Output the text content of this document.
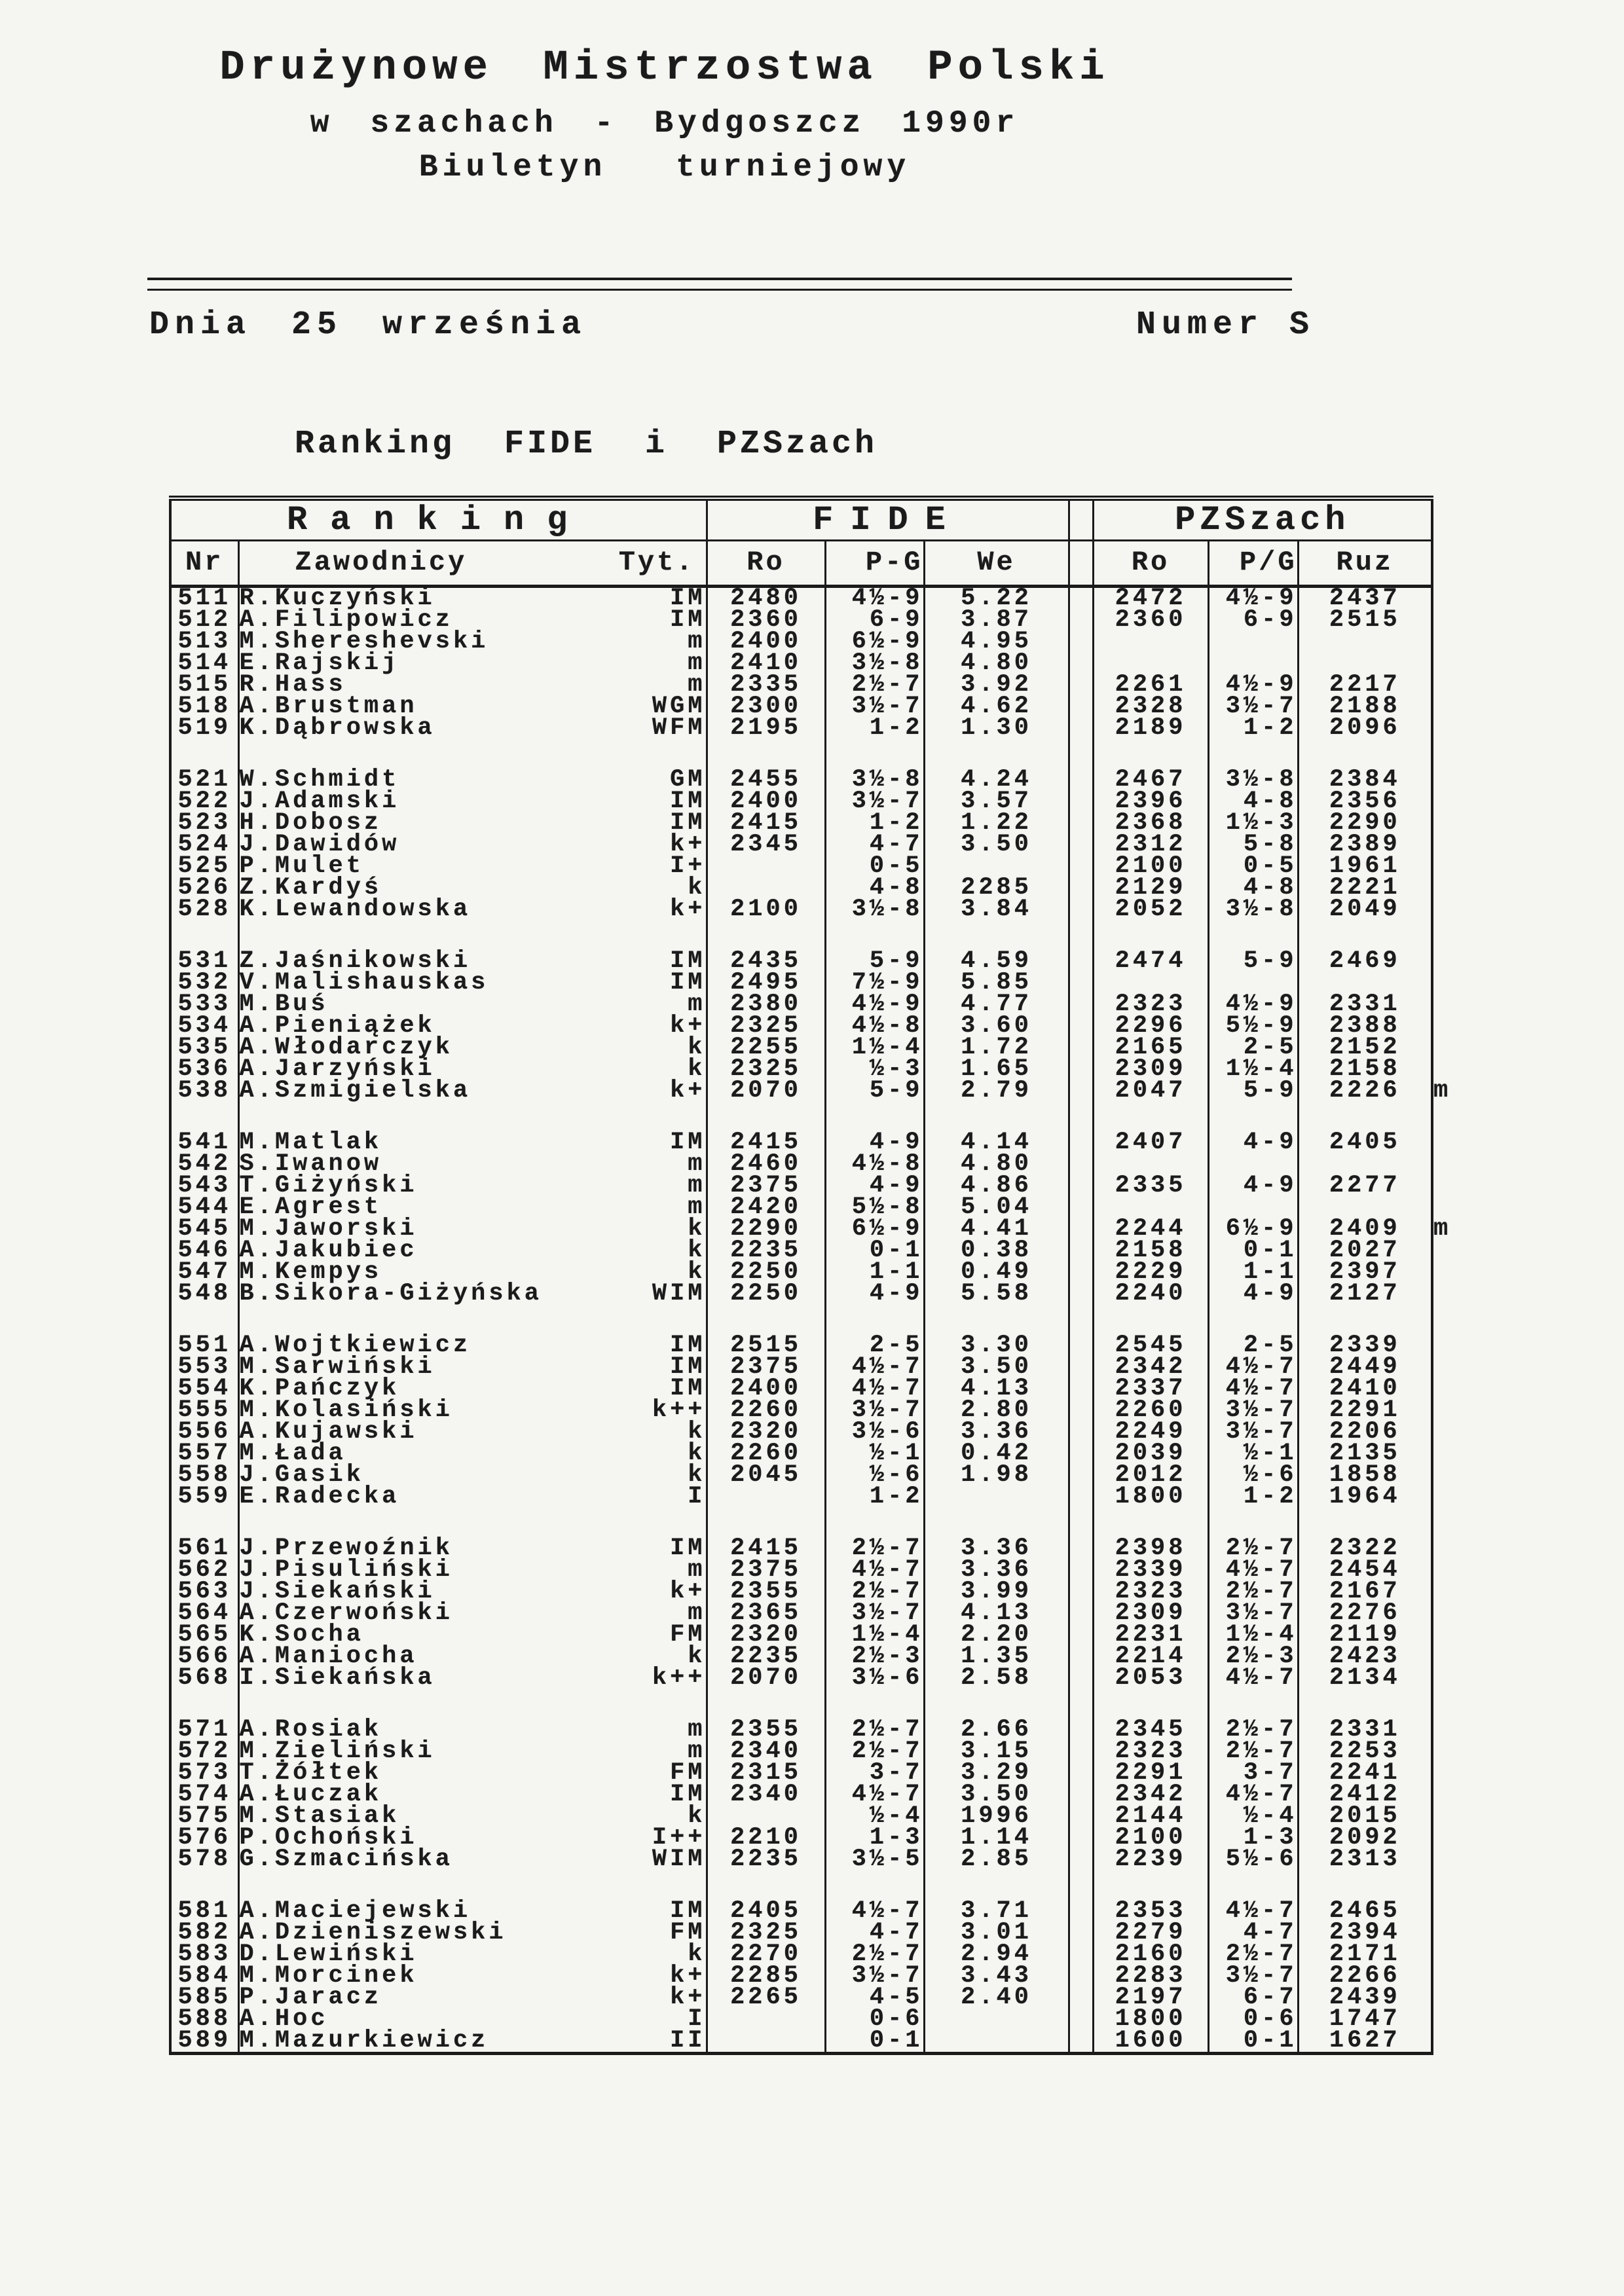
Drużynowe Mistrzostwa Polski
w szachach - Bydgoszcz 1990r
Biuletyn turniejowy
Dnia 25 września	Numer S
Ranking FIDE i PZSzach
Ranking			FIDE				PZSzach			
Nr	Zawodnicy	Tyt.	Ro	P-G	We		Ro	P/G	Ruz	
511	R.Kuczyński	IM	2480	4½-9	5.22		2472	4½-9	2437	
512	A.Filipowicz	IM	2360	6-9	3.87		2360	6-9	2515	
513	M.Shereshevski	m	2400	6½-9	4.95					
514	E.Rajskij	m	2410	3½-8	4.80					
515	R.Hass	m	2335	2½-7	3.92		2261	4½-9	2217	
518	A.Brustman	WGM	2300	3½-7	4.62		2328	3½-7	2188	
519	K.Dąbrowska	WFM	2195	1-2	1.30		2189	1-2	2096	

521	W.Schmidt	GM	2455	3½-8	4.24		2467	3½-8	2384	
522	J.Adamski	IM	2400	3½-7	3.57		2396	4-8	2356	
523	H.Dobosz	IM	2415	1-2	1.22		2368	1½-3	2290	
524	J.Dawidów	k+	2345	4-7	3.50		2312	5-8	2389	
525	P.Mulet	I+		0-5			2100	0-5	1961	
526	Z.Kardyś	k		4-8	2285		2129	4-8	2221	
528	K.Lewandowska	k+	2100	3½-8	3.84		2052	3½-8	2049	

531	Z.Jaśnikowski	IM	2435	5-9	4.59		2474	5-9	2469	
532	V.Malishauskas	IM	2495	7½-9	5.85					
533	M.Buś	m	2380	4½-9	4.77		2323	4½-9	2331	
534	A.Pieniążek	k+	2325	4½-8	3.60		2296	5½-9	2388	
535	A.Włodarczyk	k	2255	1½-4	1.72		2165	2-5	2152	
536	A.Jarzyński	k	2325	½-3	1.65		2309	1½-4	2158	
538	A.Szmigielska	k+	2070	5-9	2.79		2047	5-9	2226	m

541	M.Matlak	IM	2415	4-9	4.14		2407	4-9	2405	
542	S.Iwanow	m	2460	4½-8	4.80					
543	T.Giżyński	m	2375	4-9	4.86		2335	4-9	2277	
544	E.Agrest	m	2420	5½-8	5.04					
545	M.Jaworski	k	2290	6½-9	4.41		2244	6½-9	2409	m
546	A.Jakubiec	k	2235	0-1	0.38		2158	0-1	2027	
547	M.Kempys	k	2250	1-1	0.49		2229	1-1	2397	
548	B.Sikora-Giżyńska	WIM	2250	4-9	5.58		2240	4-9	2127	

551	A.Wojtkiewicz	IM	2515	2-5	3.30		2545	2-5	2339	
553	M.Sarwiński	IM	2375	4½-7	3.50		2342	4½-7	2449	
554	K.Pańczyk	IM	2400	4½-7	4.13		2337	4½-7	2410	
555	M.Kolasiński	k++	2260	3½-7	2.80		2260	3½-7	2291	
556	A.Kujawski	k	2320	3½-6	3.36		2249	3½-7	2206	
557	M.Łada	k	2260	½-1	0.42		2039	½-1	2135	
558	J.Gasik	k	2045	½-6	1.98		2012	½-6	1858	
559	E.Radecka	I		1-2			1800	1-2	1964	

561	J.Przewoźnik	IM	2415	2½-7	3.36		2398	2½-7	2322	
562	J.Pisuliński	m	2375	4½-7	3.36		2339	4½-7	2454	
563	J.Siekański	k+	2355	2½-7	3.99		2323	2½-7	2167	
564	A.Czerwoński	m	2365	3½-7	4.13		2309	3½-7	2276	
565	K.Socha	FM	2320	1½-4	2.20		2231	1½-4	2119	
566	A.Maniocha	k	2235	2½-3	1.35		2214	2½-3	2423	
568	I.Siekańska	k++	2070	3½-6	2.58		2053	4½-7	2134	

571	A.Rosiak	m	2355	2½-7	2.66		2345	2½-7	2331	
572	M.Zieliński	m	2340	2½-7	3.15		2323	2½-7	2253	
573	T.Żółtek	FM	2315	3-7	3.29		2291	3-7	2241	
574	A.Łuczak	IM	2340	4½-7	3.50		2342	4½-7	2412	
575	M.Stasiak	k		½-4	1996		2144	½-4	2015	
576	P.Ochoński	I++	2210	1-3	1.14		2100	1-3	2092	
578	G.Szmacińska	WIM	2235	3½-5	2.85		2239	5½-6	2313	

581	A.Maciejewski	IM	2405	4½-7	3.71		2353	4½-7	2465	
582	A.Dzieniszewski	FM	2325	4-7	3.01		2279	4-7	2394	
583	D.Lewiński	k	2270	2½-7	2.94		2160	2½-7	2171	
584	M.Morcinek	k+	2285	3½-7	3.43		2283	3½-7	2266	
585	P.Jaracz	k+	2265	4-5	2.40		2197	6-7	2439	
588	A.Hoc	I		0-6			1800	0-6	1747	
589	M.Mazurkiewicz	II		0-1			1600	0-1	1627	
